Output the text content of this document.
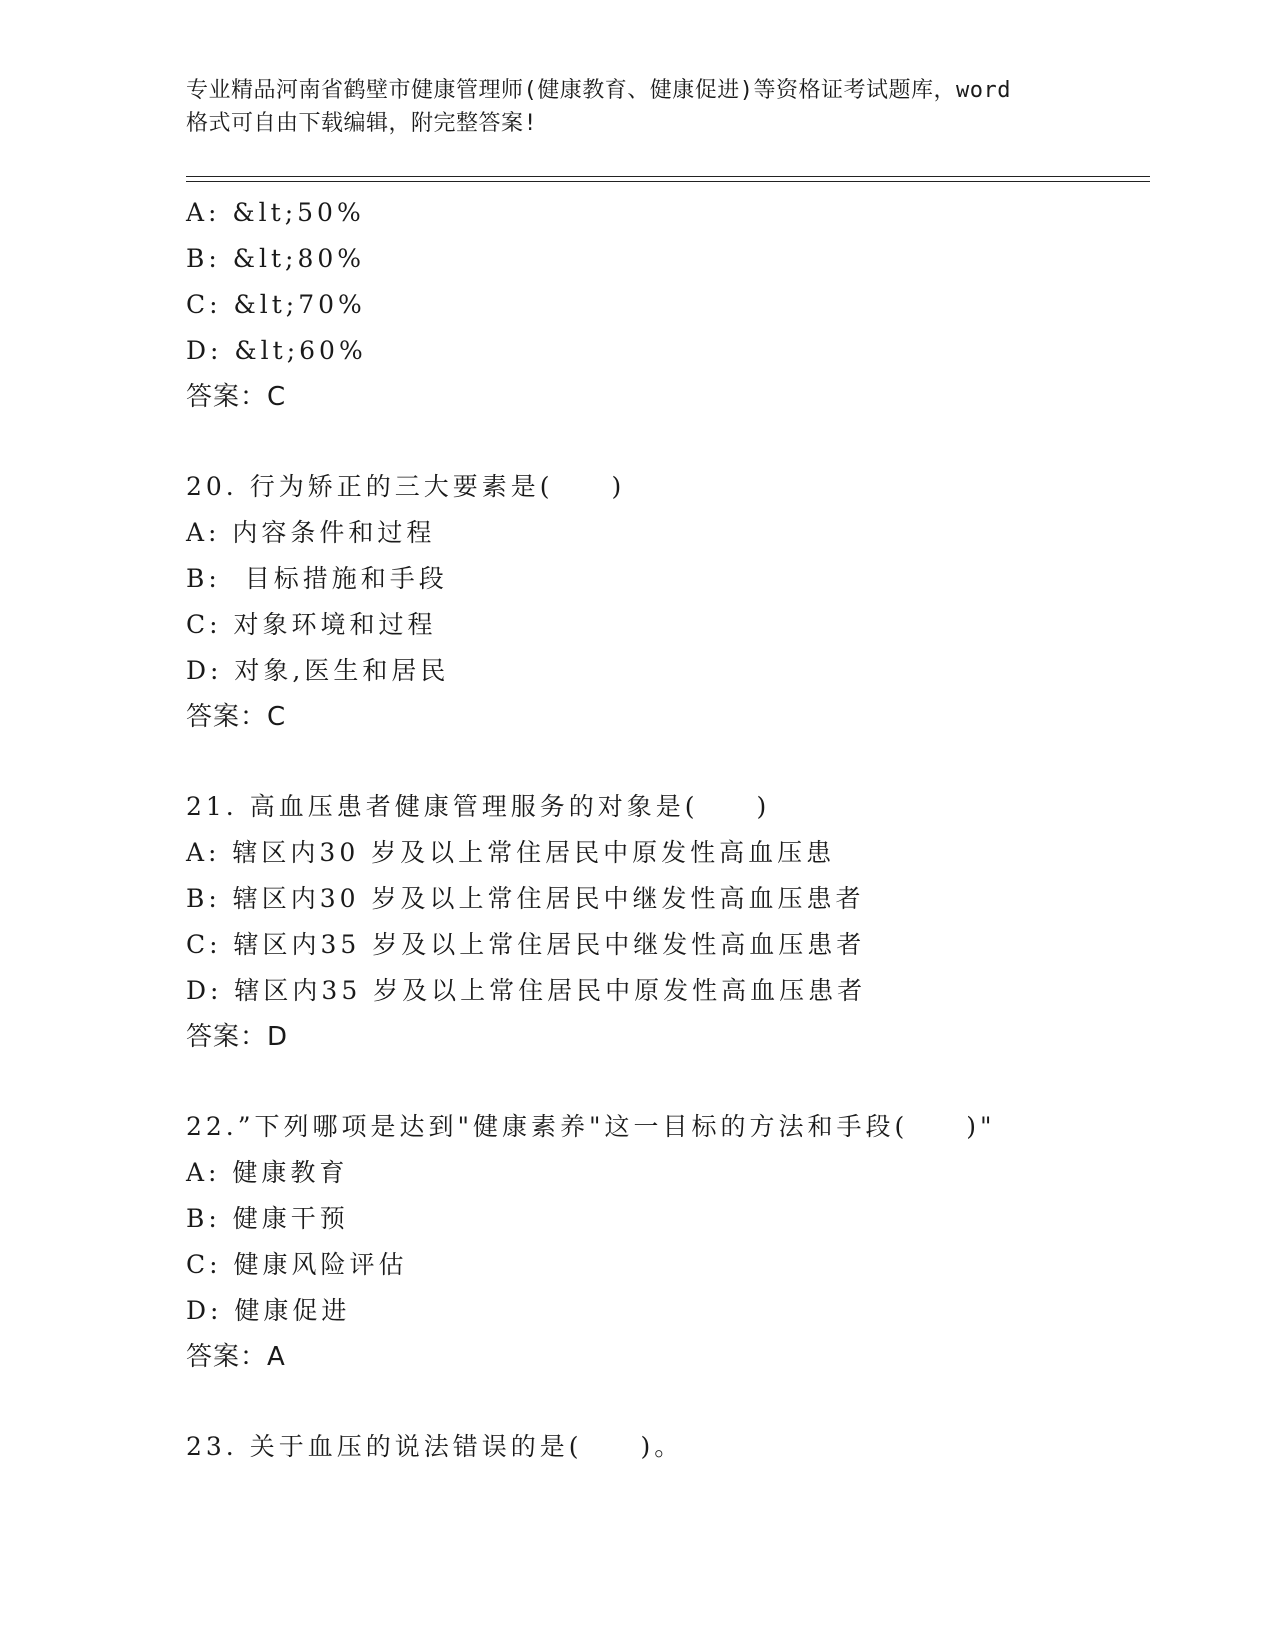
专业精品河南省鹤壁市健康管理师(健康教育、健康促进)等资格证考试题库，word
格式可自由下载编辑，附完整答案!
A: &lt;50%
B: &lt;80%
C: &lt;70%
D: &lt;60%
答案：C
20. 行为矫正的三大要素是(　　)
A: 内容条件和过程
B:  目标措施和手段
C: 对象环境和过程
D: 对象,医生和居民
答案：C
21. 高血压患者健康管理服务的对象是(　　)
A: 辖区内30 岁及以上常住居民中原发性高血压患
B: 辖区内30 岁及以上常住居民中继发性高血压患者
C: 辖区内35 岁及以上常住居民中继发性高血压患者
D: 辖区内35 岁及以上常住居民中原发性高血压患者
答案：D
22.”下列哪项是达到"健康素养"这一目标的方法和手段(　　)"
A: 健康教育
B: 健康干预
C: 健康风险评估
D: 健康促进
答案：A
23. 关于血压的说法错误的是(　　)。
